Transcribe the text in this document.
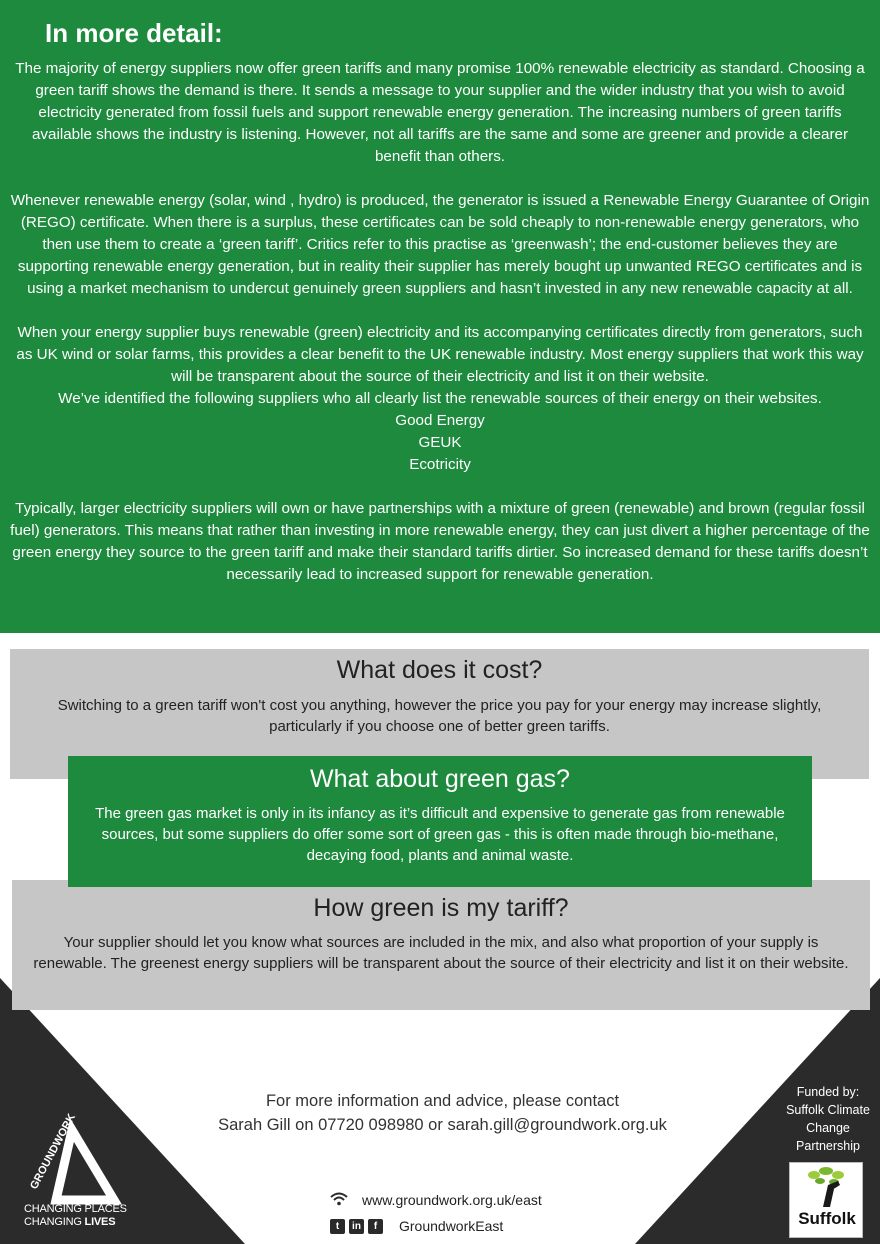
In more detail:

The majority of energy suppliers now offer green tariffs and many promise 100% renewable electricity as standard. Choosing a green tariff shows the demand is there. It sends a message to your supplier and the wider industry that you wish to avoid electricity generated from fossil fuels and support renewable energy generation. The increasing numbers of green tariffs available shows the industry is listening. However, not all tariffs are the same and some are greener and provide a clearer benefit than others.

Whenever renewable energy (solar, wind , hydro) is produced, the generator is issued a Renewable Energy Guarantee of Origin (REGO) certificate. When there is a surplus, these certificates can be sold cheaply to non-renewable energy generators, who then use them to create a ‘green tariff’. Critics refer to this practise as ‘greenwash’; the end-customer believes they are supporting renewable energy generation, but in reality their supplier has merely bought up unwanted REGO certificates and is using a market mechanism to undercut genuinely green suppliers and hasn’t invested in any new renewable capacity at all.

When your energy supplier buys renewable (green) electricity and its accompanying certificates directly from generators, such as UK wind or solar farms, this provides a clear benefit to the UK renewable industry. Most energy suppliers that work this way will be transparent about the source of their electricity and list it on their website.

We’ve identified the following suppliers who all clearly list the renewable sources of their energy on their websites.

Good Energy

GEUK

Ecotricity

Typically, larger electricity suppliers will own or have partnerships with a mixture of green (renewable) and brown (regular fossil fuel) generators. This means that rather than investing in more renewable energy, they can just divert a higher percentage of the green energy they source to the green tariff and make their standard tariffs dirtier. So increased demand for these tariffs doesn’t necessarily lead to increased support for renewable generation.

What does it cost?

Switching to a green tariff won't cost you anything, however the price you pay for your energy may increase slightly, particularly if you choose one of better green tariffs.

How green is my tariff?

Your supplier should let you know what sources are included in the mix, and also what proportion of your supply is renewable. The greenest energy suppliers will be transparent about the source of their electricity and list it on their website.

What about green gas?

The green gas market is only in its infancy as it’s difficult and expensive to generate gas from renewable sources, but some suppliers do offer some sort of green gas - this is often made through bio-methane, decaying food, plants and animal waste.

For more information and advice, please contact

Sarah Gill on 07720 098980 or sarah.gill@groundwork.org.uk

www.groundwork.org.uk/east
t	in	f	GroundworkEast
GROUNDWORK
CHANGING PLACES
CHANGING LIVES

Funded by:

Suffolk Climate

Change

Partnership

Suffolk
